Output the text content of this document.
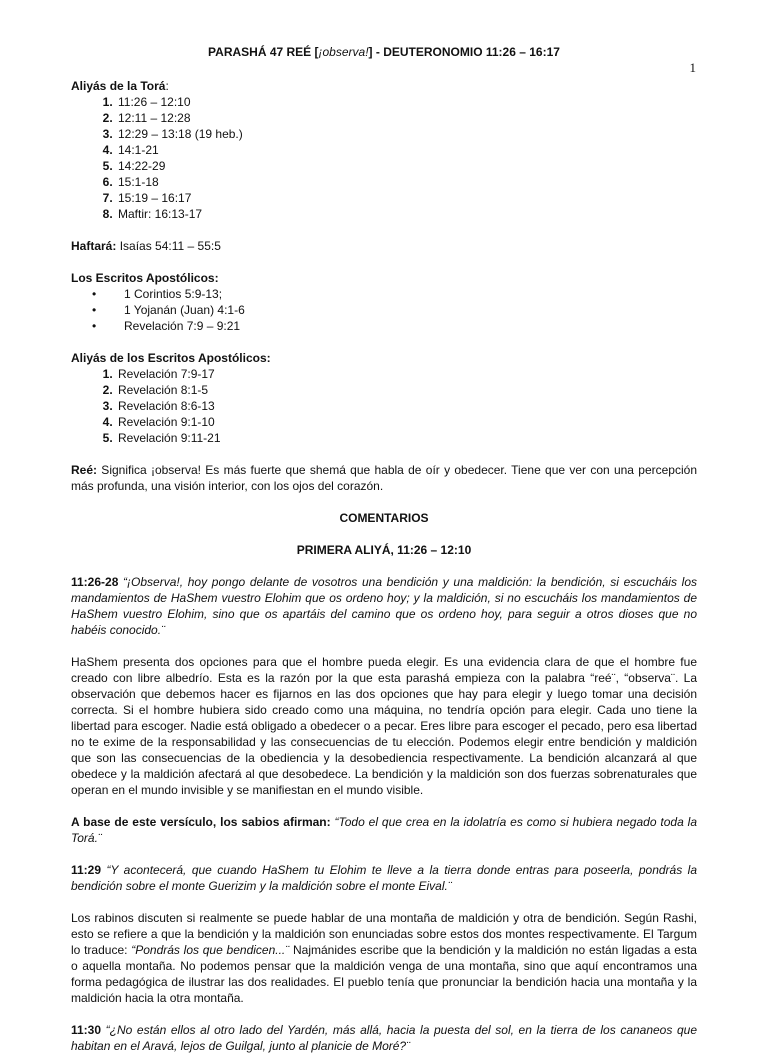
1
PARASHÁ 47 REÉ [¡observa!] - DEUTERONOMIO 11:26 – 16:17
Aliyás de la Torá:
1. 11:26 – 12:10
2. 12:11 – 12:28
3. 12:29 – 13:18 (19 heb.)
4. 14:1-21
5. 14:22-29
6. 15:1-18
7. 15:19 – 16:17
8. Maftir: 16:13-17
Haftará: Isaías 54:11 – 55:5
Los Escritos Apostólicos:
• 1 Corintios 5:9-13;
• 1 Yojanán (Juan) 4:1-6
• Revelación 7:9 – 9:21
Aliyás de los Escritos Apostólicos:
1. Revelación 7:9-17
2. Revelación 8:1-5
3. Revelación 8:6-13
4. Revelación 9:1-10
5. Revelación 9:11-21

Reé: Significa ¡observa! Es más fuerte que shemá que habla de oír y obedecer. Tiene que ver con una percepción más profunda, una visión interior, con los ojos del corazón.

COMENTARIOS
PRIMERA ALIYÁ, 11:26 – 12:10

11:26-28 “¡Observa!, hoy pongo delante de vosotros una bendición y una maldición: la bendición, si escucháis los mandamientos de HaShem vuestro Elohim que os ordeno hoy; y la maldición, si no escucháis los mandamientos de HaShem vuestro Elohim, sino que os apartáis del camino que os ordeno hoy, para seguir a otros dioses que no habéis conocido.¨

HaShem presenta dos opciones para que el hombre pueda elegir. Es una evidencia clara de que el hombre fue creado con libre albedrío. Esta es la razón por la que esta parashá empieza con la palabra “reé¨, “observa¨. La observación que debemos hacer es fijarnos en las dos opciones que hay para elegir y luego tomar una decisión correcta. Si el hombre hubiera sido creado como una máquina, no tendría opción para elegir. Cada uno tiene la libertad para escoger. Nadie está obligado a obedecer o a pecar. Eres libre para escoger el pecado, pero esa libertad no te exime de la responsabilidad y las consecuencias de tu elección. Podemos elegir entre bendición y maldición que son las consecuencias de la obediencia y la desobediencia respectivamente. La bendición alcanzará al que obedece y la maldición afectará al que desobedece. La bendición y la maldición son dos fuerzas sobrenaturales que operan en el mundo invisible y se manifiestan en el mundo visible.

A base de este versículo, los sabios afirman: “Todo el que crea en la idolatría es como si hubiera negado toda la Torá.¨

11:29 “Y acontecerá, que cuando HaShem tu Elohim te lleve a la tierra donde entras para poseerla, pondrás la bendición sobre el monte Guerizim y la maldición sobre el monte Eival.¨

Los rabinos discuten si realmente se puede hablar de una montaña de maldición y otra de bendición. Según Rashi, esto se refiere a que la bendición y la maldición son enunciadas sobre estos dos montes respectivamente. El Targum lo traduce: “Pondrás los que bendicen...¨ Najmánides escribe que la bendición y la maldición no están ligadas a esta o aquella montaña. No podemos pensar que la maldición venga de una montaña, sino que aquí encontramos una forma pedagógica de ilustrar las dos realidades. El pueblo tenía que pronunciar la bendición hacia una montaña y la maldición hacia la otra montaña.

11:30 “¿No están ellos al otro lado del Yardén, más allá, hacia la puesta del sol, en la tierra de los cananeos que habitan en el Aravá, lejos de Guilgal, junto al planicie de Moré?¨
